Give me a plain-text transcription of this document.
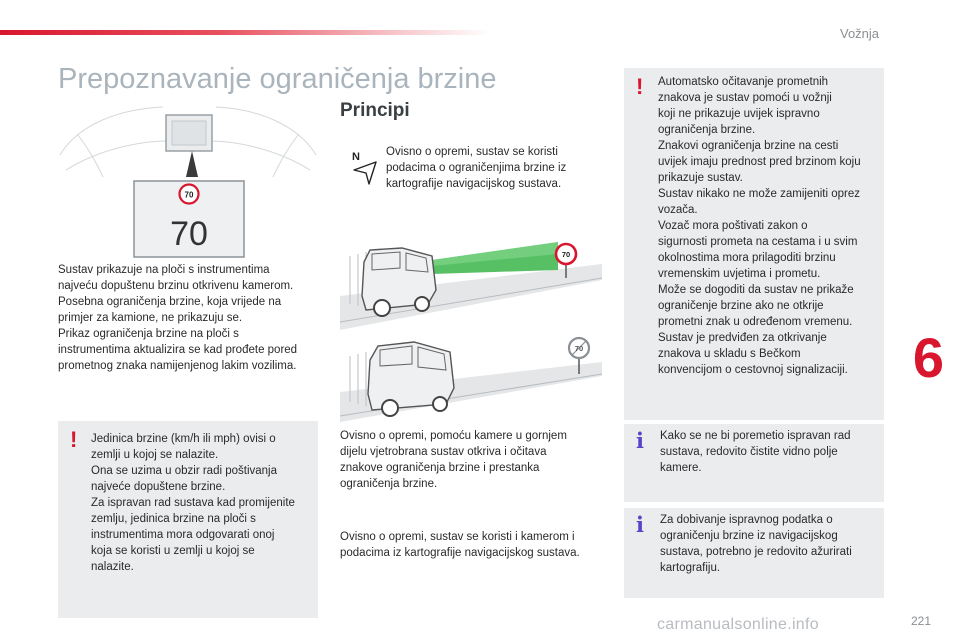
Vožnja
Prepoznavanje ograničenja brzine
70
70

Sustav prikazuje na ploči s instrumentima

najveću dopuštenu brzinu otkrivenu kamerom.

Posebna ograničenja brzine, koja vrijede na

primjer za kamione, ne prikazuju se.

Prikaz ograničenja brzine na ploči s

instrumentima aktualizira se kad prođete pored

prometnog znaka namijenjenog lakim vozilima.

! Jedinica brzine (km/h ili mph) ovisi o
zemlji u kojoj se nalazite.
Ona se uzima u obzir radi poštivanja
najveće dopuštene brzine.
Za ispravan rad sustava kad promijenite
zemlju, jedinica brzine na ploči s
instrumentima mora odgovarati onoj
koja se koristi u zemlji u kojoj se
nalazite.
Principi
N Ovisno o opremi, sustav se koristi

podacima o ograničenjima brzine iz

kartografije navigacijskog sustava.

70
70

Ovisno o opremi, pomoću kamere u gornjem

dijelu vjetrobrana sustav otkriva i očitava

znakove ograničenja brzine i prestanka

ograničenja brzine.

Ovisno o opremi, sustav se koristi i kamerom i

podacima iz kartografije navigacijskog sustava.

! Automatsko očitavanje prometnih
znakova je sustav pomoći u vožnji
koji ne prikazuje uvijek ispravno
ograničenja brzine.
Znakovi ograničenja brzine na cesti
uvijek imaju prednost pred brzinom koju
prikazuje sustav.
Sustav nikako ne može zamijeniti oprez
vozača.
Vozač mora poštivati zakon o
sigurnosti prometa na cestama i u svim
okolnostima mora prilagoditi brzinu
vremenskim uvjetima i prometu.
Može se dogoditi da sustav ne prikaže
ograničenje brzine ako ne otkrije
prometni znak u određenom vremenu.
Sustav je predviđen za otkrivanje
znakova u skladu s Bečkom
konvencijom o cestovnoj signalizaciji.
i Kako se ne bi poremetio ispravan rad
sustava, redovito čistite vidno polje
kamere.
i Za dobivanje ispravnog podatka o
ograničenju brzine iz navigacijskog
sustava, potrebno je redovito ažurirati
kartografiju.
6
carmanualsonline.info	221
